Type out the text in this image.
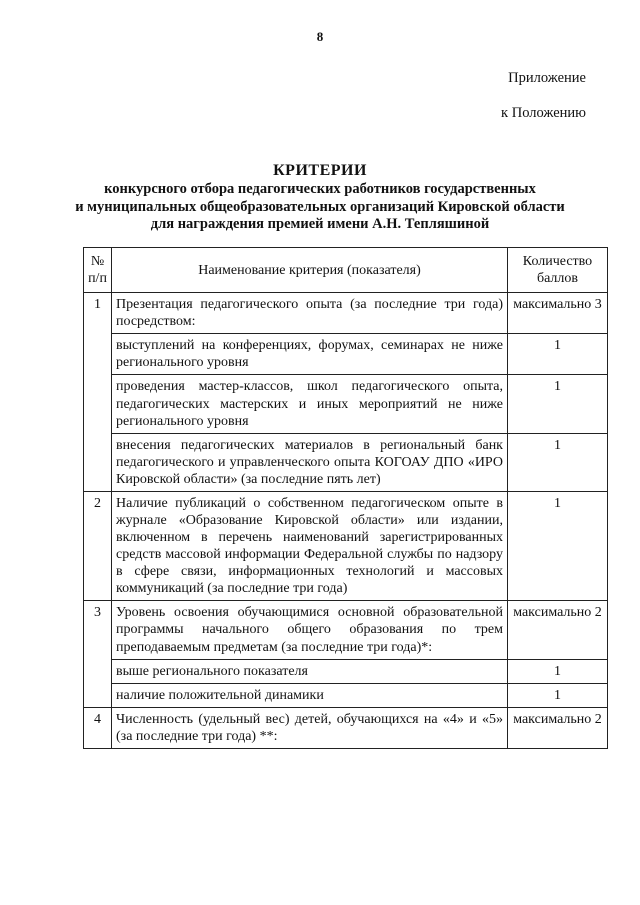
8
Приложение
к Положению
КРИТЕРИИ
конкурсного отбора педагогических работников государственных
и муниципальных общеобразовательных организаций Кировской области
для награждения премией имени А.Н. Тепляшиной
№ п/п	Наименование критерия (показателя)	Количество баллов
1	Презентация педагогического опыта (за последние три года) посредством:	максимально 3
	выступлений на конференциях, форумах, семинарах не ниже регионального уровня	1
	проведения мастер-классов, школ педагогического опыта, педагогических мастерских и иных мероприятий не ниже регионального уровня	1
	внесения педагогических материалов в региональный банк педагогического и управленческого опыта КОГОАУ ДПО «ИРО Кировской области» (за последние пять лет)	1
2	Наличие публикаций о собственном педагогическом опыте в журнале «Образование Кировской области» или издании, включенном в перечень наименований зарегистрированных средств массовой информации Федеральной службы по надзору в сфере связи, информационных технологий и массовых коммуникаций (за последние три года)	1
3	Уровень освоения обучающимися основной образовательной программы начального общего образования по трем преподаваемым предметам (за последние три года)*:	максимально 2
	выше регионального показателя	1
	наличие положительной динамики	1
4	Численность (удельный вес) детей, обучающихся на «4» и «5» (за последние три года) **:	максимально 2
